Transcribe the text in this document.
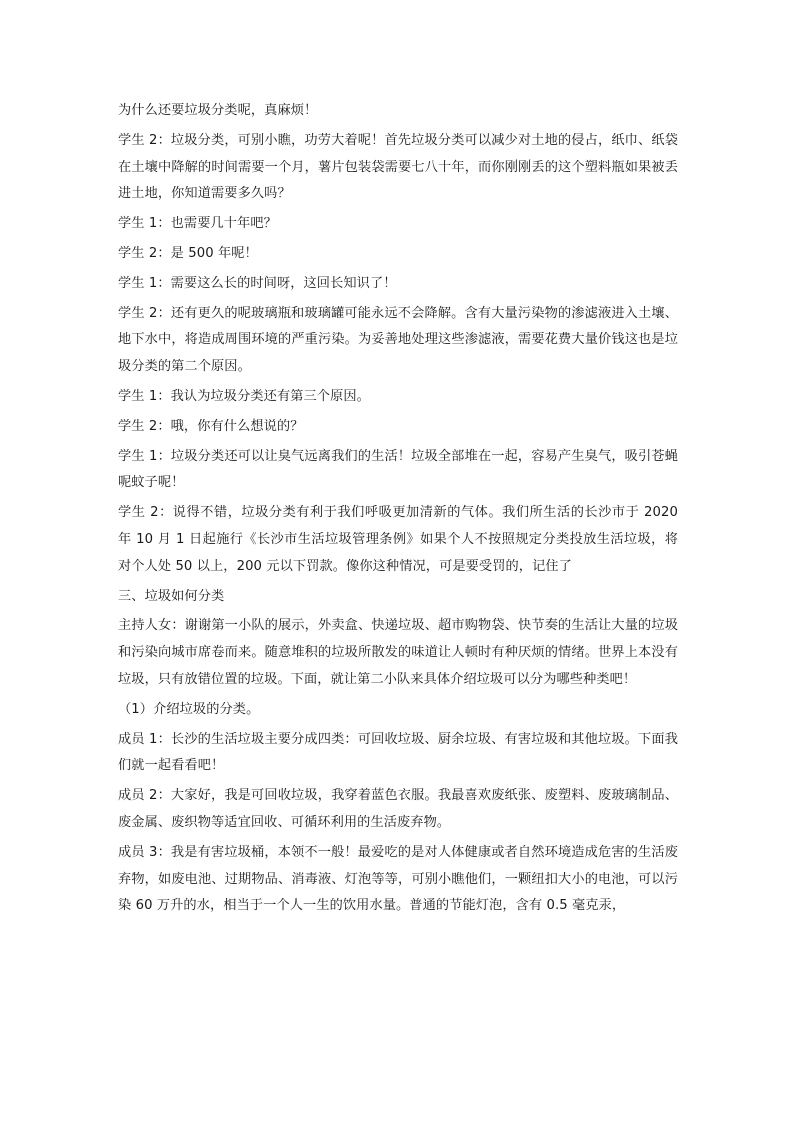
为什么还要垃圾分类呢，真麻烦！

学生 2：垃圾分类，可别小瞧，功劳大着呢！首先垃圾分类可以减少对土地的侵占，纸巾、纸袋在土壤中降解的时间需要一个月，薯片包装袋需要七八十年，而你刚刚丢的这个塑料瓶如果被丢进土地，你知道需要多久吗？

学生 1：也需要几十年吧？

学生 2：是 500 年呢！

学生 1：需要这么长的时间呀，这回长知识了！

学生 2：还有更久的呢玻璃瓶和玻璃罐可能永远不会降解。含有大量污染物的渗滤液进入土壤、地下水中，将造成周围环境的严重污染。为妥善地处理这些渗滤液，需要花费大量价钱这也是垃圾分类的第二个原因。

学生 1：我认为垃圾分类还有第三个原因。

学生 2：哦，你有什么想说的？

学生 1：垃圾分类还可以让臭气远离我们的生活！垃圾全部堆在一起，容易产生臭气，吸引苍蝇呢蚊子呢！

学生 2：说得不错，垃圾分类有利于我们呼吸更加清新的气体。我们所生活的长沙市于 2020 年 10 月 1 日起施行《长沙市生活垃圾管理条例》如果个人不按照规定分类投放生活垃圾，将对个人处 50 以上，200 元以下罚款。像你这种情况，可是要受罚的，记住了

三、垃圾如何分类

主持人女：谢谢第一小队的展示，外卖盒、快递垃圾、超市购物袋、快节奏的生活让大量的垃圾和污染向城市席卷而来。随意堆积的垃圾所散发的味道让人顿时有种厌烦的情绪。世界上本没有垃圾，只有放错位置的垃圾。下面，就让第二小队来具体介绍垃圾可以分为哪些种类吧！

（1）介绍垃圾的分类。

成员 1：长沙的生活垃圾主要分成四类：可回收垃圾、厨余垃圾、有害垃圾和其他垃圾。下面我们就一起看看吧！

成员 2：大家好，我是可回收垃圾，我穿着蓝色衣服。我最喜欢废纸张、废塑料、废玻璃制品、废金属、废织物等适宜回收、可循环利用的生活废弃物。

成员 3：我是有害垃圾桶，本领不一般！最爱吃的是对人体健康或者自然环境造成危害的生活废弃物，如废电池、过期物品、消毒液、灯泡等等，可别小瞧他们，一颗纽扣大小的电池，可以污染 60 万升的水，相当于一个人一生的饮用水量。普通的节能灯泡，含有 0.5 毫克汞，
